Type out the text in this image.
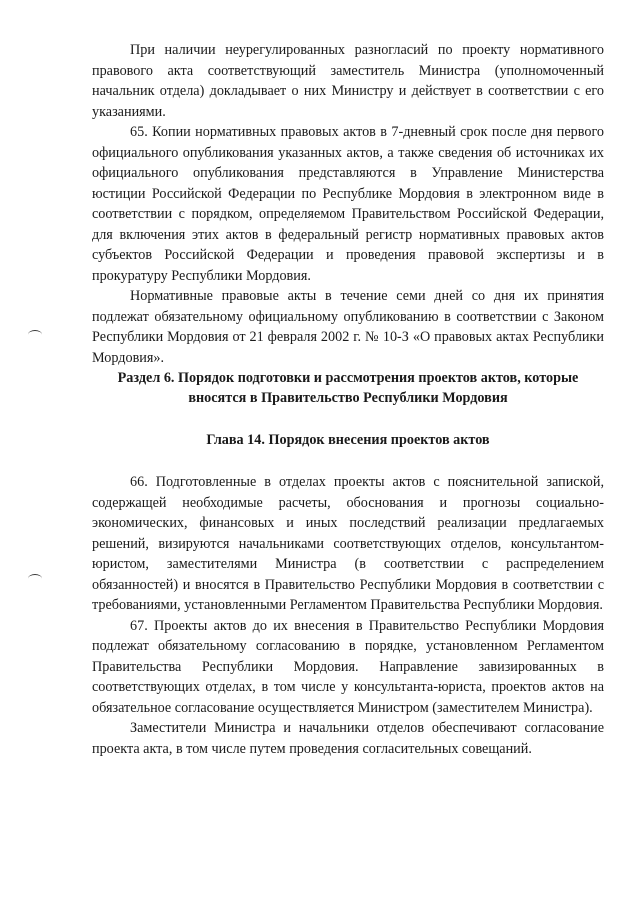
При наличии неурегулированных разногласий по проекту нормативного правового акта соответствующий заместитель Министра (уполномоченный начальник отдела) докладывает о них Министру и действует в соответствии с его указаниями.

65. Копии нормативных правовых актов в 7-дневный срок после дня первого официального опубликования указанных актов, а также сведения об источниках их официального опубликования представляются в Управление Министерства юстиции Российской Федерации по Республике Мордовия в электронном виде в соответствии с порядком, определяемом Правительством Российской Федерации, для включения этих актов в федеральный регистр нормативных правовых актов субъектов Российской Федерации и проведения правовой экспертизы и в прокуратуру Республики Мордовия.

Нормативные правовые акты в течение семи дней со дня их принятия подлежат обязательному официальному опубликованию в соответствии с Законом Республики Мордовия от 21 февраля 2002 г. № 10-З «О правовых актах Республики Мордовия».

Раздел 6. Порядок подготовки и рассмотрения проектов актов, которые вносятся в Правительство Республики Мордовия
Глава 14. Порядок внесения проектов актов

66. Подготовленные в отделах проекты актов с пояснительной запиской, содержащей необходимые расчеты, обоснования и прогнозы социально-экономических, финансовых и иных последствий реализации предлагаемых решений, визируются начальниками соответствующих отделов, консультантом-юристом, заместителями Министра (в соответствии с распределением обязанностей) и вносятся в Правительство Республики Мордовия в соответствии с требованиями, установленными Регламентом Правительства Республики Мордовия.

67. Проекты актов до их внесения в Правительство Республики Мордовия подлежат обязательному согласованию в порядке, установленном Регламентом Правительства Республики Мордовия. Направление завизированных в соответствующих отделах, в том числе у консультанта-юриста, проектов актов на обязательное согласование осуществляется Министром (заместителем Министра).

Заместители Министра и начальники отделов обеспечивают согласование проекта акта, в том числе путем проведения согласительных совещаний.
